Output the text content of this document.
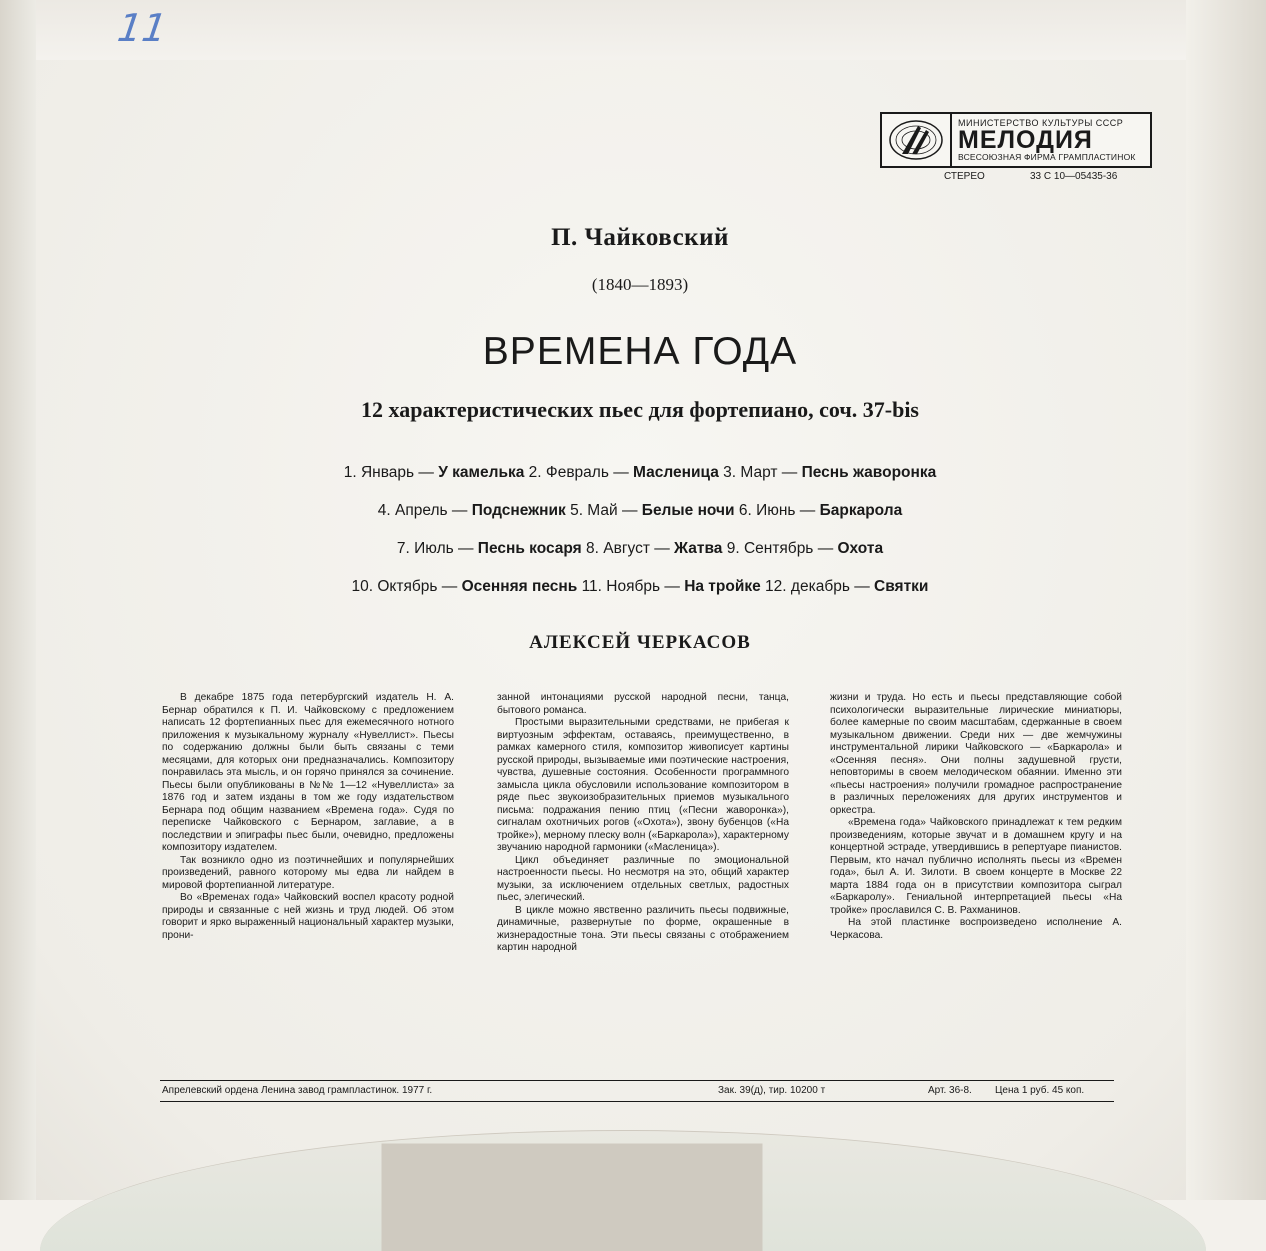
11
МИНИСТЕРСТВО КУЛЬТУРЫ СССР
МЕЛОДИЯ
ВСЕСОЮЗНАЯ ФИРМА ГРАМПЛАСТИНОК
СТЕРЕО	33 С 10—05435-36
П. Чайковский
(1840—1893)
ВРЕМЕНА ГОДА
12 характеристических пьес для фортепиано, соч. 37-bis
1. Январь — У камелька 2. Февраль — Масленица 3. Март — Песнь жаворонка
4. Апрель — Подснежник 5. Май — Белые ночи 6. Июнь — Баркарола
7. Июль — Песнь косаря 8. Август — Жатва 9. Сентябрь — Охота
10. Октябрь — Осенняя песнь 11. Ноябрь — На тройке 12. декабрь — Святки
АЛЕКСЕЙ ЧЕРКАСОВ

В декабре 1875 года петербургский издатель Н. А. Бернар обратился к П. И. Чайковскому с предложением написать 12 фортепианных пьес для ежемесячного нотного приложения к музыкальному журналу «Нувеллист». Пьесы по содержанию должны были быть связаны с теми месяцами, для которых они предназначались. Композитору понравилась эта мысль, и он горячо принялся за сочинение. Пьесы были опубликованы в №№ 1—12 «Нувеллиста» за 1876 год и затем изданы в том же году издательством Бернара под общим названием «Времена года». Судя по переписке Чайковского с Бернаром, заглавие, а в последствии и эпиграфы пьес были, очевидно, предложены композитору издателем.

Так возникло одно из поэтичнейших и популярнейших произведений, равного которому мы едва ли найдем в мировой фортепианной литературе.

Во «Временах года» Чайковский воспел красоту родной природы и связанные с ней жизнь и труд людей. Об этом говорит и ярко выраженный национальный характер музыки, прони-

занной интонациями русской народной песни, танца, бытового романса.

Простыми выразительными средствами, не прибегая к виртуозным эффектам, оставаясь, преимущественно, в рамках камерного стиля, композитор живописует картины русской природы, вызываемые ими поэтические настроения, чувства, душевные состояния. Особенности программного замысла цикла обусловили использование композитором в ряде пьес звукоизобразительных приемов музыкального письма: подражания пению птиц («Песни жаворонка»), сигналам охотничьих рогов («Охота»), звону бубенцов («На тройке»), мерному плеску волн («Баркарола»), характерному звучанию народной гармоники («Масленица»).

Цикл объединяет различные по эмоциональной настроенности пьесы. Но несмотря на это, общий характер музыки, за исключением отдельных светлых, радостных пьес, элегический.

В цикле можно явственно различить пьесы подвижные, динамичные, развернутые по форме, окрашенные в жизнерадостные тона. Эти пьесы связаны с отображением картин народной

жизни и труда. Но есть и пьесы представляющие собой психологически выразительные лирические миниатюры, более камерные по своим масштабам, сдержанные в своем музыкальном движении. Среди них — две жемчужины инструментальной лирики Чайковского — «Баркарола» и «Осенняя песня». Они полны задушевной грусти, неповторимы в своем мелодическом обаянии. Именно эти «пьесы настроения» получили громадное распространение в различных переложениях для других инструментов и оркестра.

«Времена года» Чайковского принадлежат к тем редким произведениям, которые звучат и в домашнем кругу и на концертной эстраде, утвердившись в репертуаре пианистов. Первым, кто начал публично исполнять пьесы из «Времен года», был А. И. Зилоти. В своем концерте в Москве 22 марта 1884 года он в присутствии композитора сыграл «Баркаролу». Гениальной интерпретацией пьесы «На тройке» прославился С. В. Рахманинов.

На этой пластинке воспроизведено исполнение А. Черкасова.

Апрелевский ордена Ленина завод грампластинок. 1977 г.	Зак. 39(д), тир. 10200 т	Арт. 36-8. Цена 1 руб. 45 коп.
